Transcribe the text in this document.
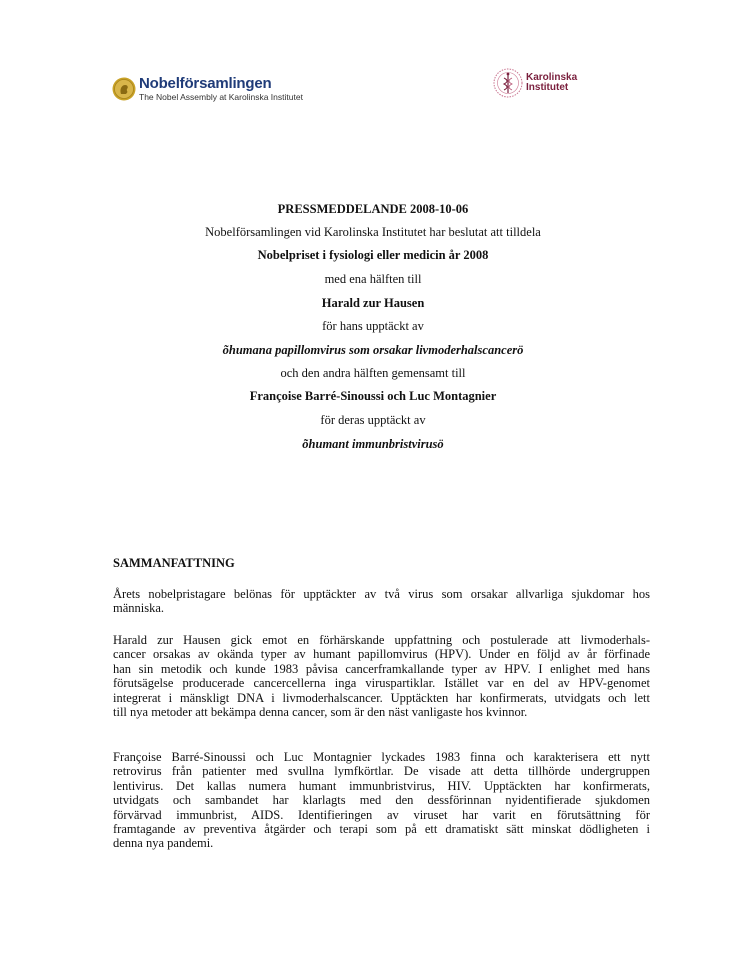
Nobelförsamlingen
The Nobel Assembly at Karolinska Institutet
Karolinska
Institutet
PRESSMEDDELANDE 2008-10-06
Nobelförsamlingen vid Karolinska Institutet har beslutat att tilldela
Nobelpriset i fysiologi eller medicin år 2008
med ena hälften till
Harald zur Hausen
för hans upptäckt av
õhumana papillomvirus som orsakar livmoderhalscancerö
och den andra hälften gemensamt till
Françoise Barré-Sinoussi och Luc Montagnier
för deras upptäckt av
õhumant immunbristvirusö
SAMMANFATTNING
Årets nobelpristagare belönas för upptäckter av två virus som orsakar allvarliga sjukdomar hos
människa.
Harald zur Hausen gick emot en förhärskande uppfattning och postulerade att livmoderhals-
cancer orsakas av okända typer av humant papillomvirus (HPV). Under en följd av år förfinade
han sin metodik och kunde 1983 påvisa cancerframkallande typer av HPV. I enlighet med hans
förutsägelse producerade cancercellerna inga viruspartiklar. Istället var en del av HPV-genomet
integrerat i mänskligt DNA i livmoderhalscancer. Upptäckten har konfirmerats, utvidgats och lett
till nya metoder att bekämpa denna cancer, som är den näst vanligaste hos kvinnor.
Françoise Barré-Sinoussi och Luc Montagnier lyckades 1983 finna och karakterisera ett nytt
retrovirus från patienter med svullna lymfkörtlar. De visade att detta tillhörde undergruppen
lentivirus. Det kallas numera humant immunbristvirus, HIV. Upptäckten har konfirmerats,
utvidgats och sambandet har klarlagts med den dessförinnan nyidentifierade sjukdomen
förvärvad immunbrist, AIDS. Identifieringen av viruset har varit en förutsättning för
framtagande av preventiva åtgärder och terapi som på ett dramatiskt sätt minskat dödligheten i
denna nya pandemi.
